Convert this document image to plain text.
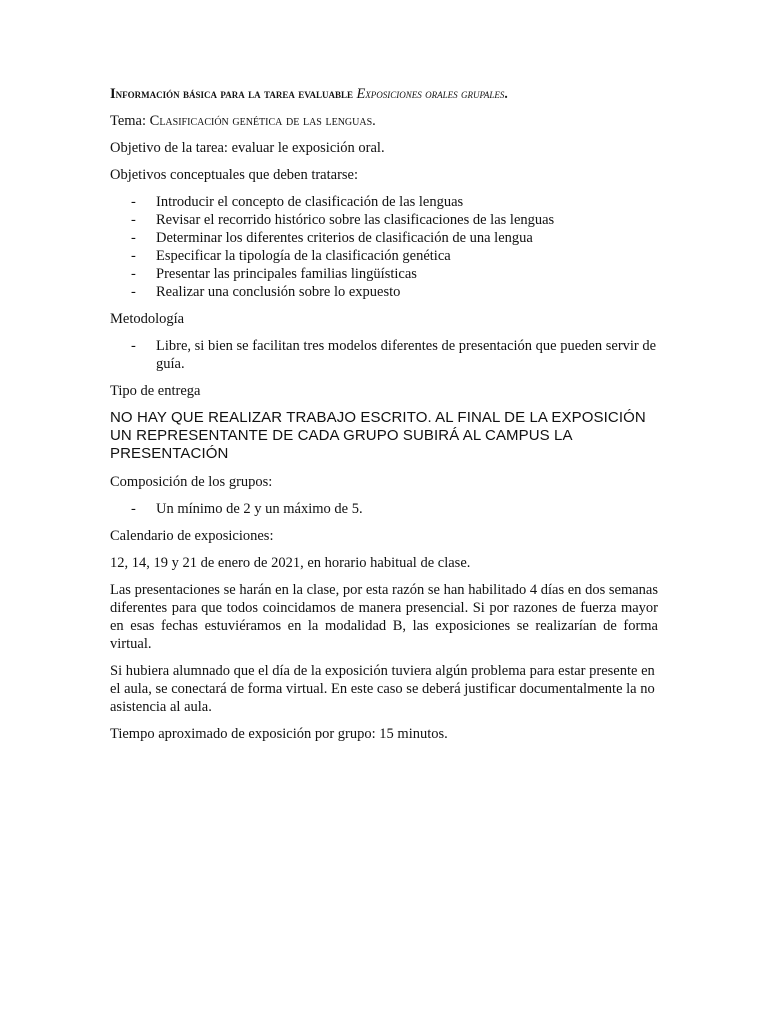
Información básica para la tarea evaluable Exposiciones orales grupales.

Tema: Clasificación genética de las lenguas.

Objetivo de la tarea: evaluar le exposición oral.

Objetivos conceptuales que deben tratarse:

- Introducir el concepto de clasificación de las lenguas
- Revisar el recorrido histórico sobre las clasificaciones de las lenguas
- Determinar los diferentes criterios de clasificación de una lengua
- Especificar la tipología de la clasificación genética
- Presentar las principales familias lingüísticas
- Realizar una conclusión sobre lo expuesto

Metodología

- Libre, si bien se facilitan tres modelos diferentes de presentación que pueden servir de guía.

Tipo de entrega

NO HAY QUE REALIZAR TRABAJO ESCRITO. AL FINAL DE LA EXPOSICIÓN UN REPRESENTANTE DE CADA GRUPO SUBIRÁ AL CAMPUS LA PRESENTACIÓN

Composición de los grupos:

- Un mínimo de 2 y un máximo de 5.

Calendario de exposiciones:

12, 14, 19 y 21 de enero de 2021, en horario habitual de clase.

Las presentaciones se harán en la clase, por esta razón se han habilitado 4 días en dos semanas diferentes para que todos coincidamos de manera presencial. Si por razones de fuerza mayor en esas fechas estuviéramos en la modalidad B, las exposiciones se realizarían de forma virtual.

Si hubiera alumnado que el día de la exposición tuviera algún problema para estar presente en el aula, se conectará de forma virtual. En este caso se deberá justificar documentalmente la no asistencia al aula.

Tiempo aproximado de exposición por grupo: 15 minutos.
